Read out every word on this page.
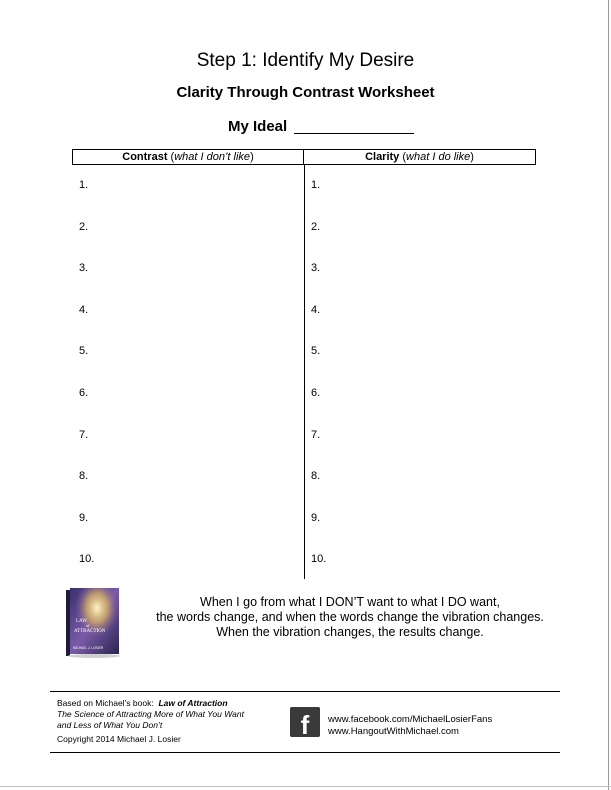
Step 1: Identify My Desire
Clarity Through Contrast Worksheet
My Ideal
Contrast (what I don’t like)	Clarity (what I do like)
1.	1.
2.	2.
3.	3.
4.	4.
5.	5.
6.	6.
7.	7.
8.	8.
9.	9.
10.	10.
LAW
of
ATTRACTION
MICHAEL J. LOSIER
When I go from what I DON’T want to what I DO want,
the words change, and when the words change the vibration changes.
When the vibration changes, the results change.
Based on Michael’s book: Law of Attraction
The Science of Attracting More of What You Want
and Less of What You Don’t
Copyright 2014 Michael J. Losier	f www.facebook.com/MichaelLosierFans
www.HangoutWithMichael.com
